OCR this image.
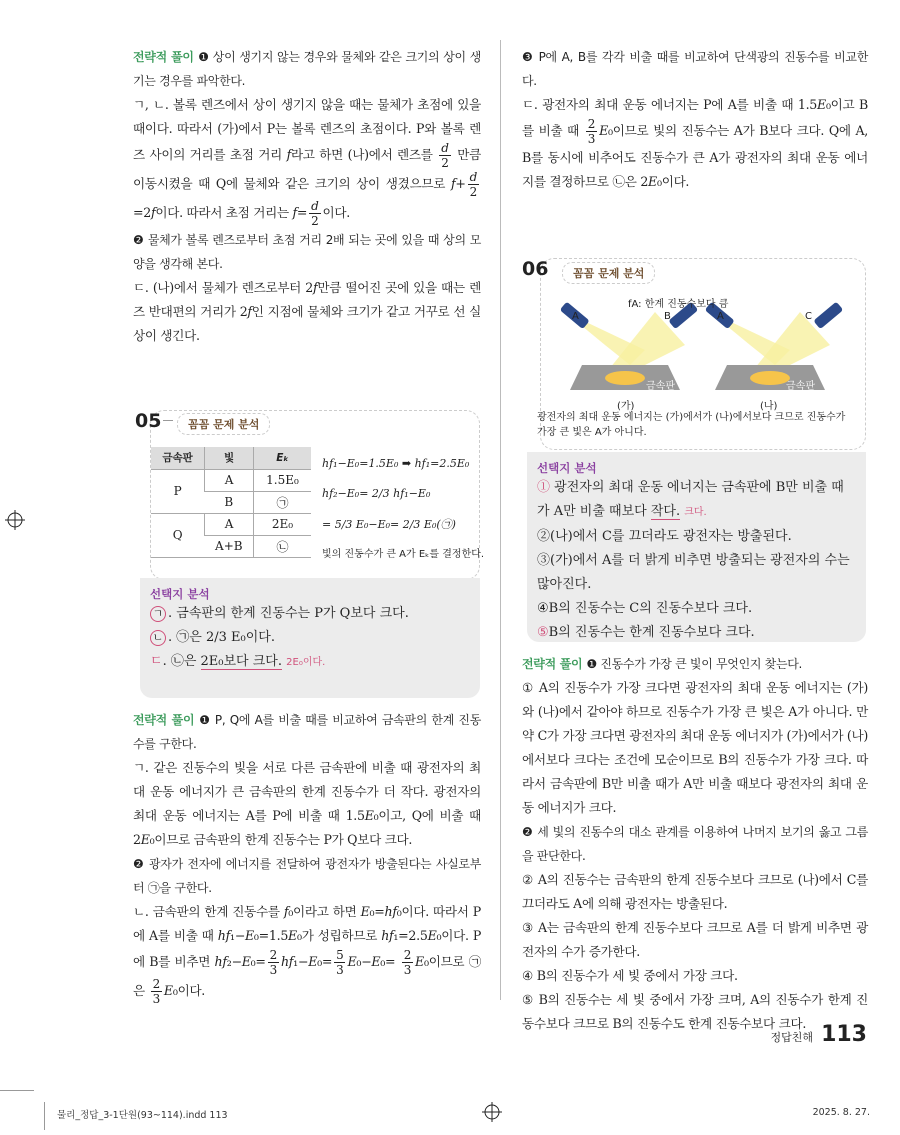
전략적 풀이 ❶ 상이 생기지 않는 경우와 물체와 같은 크기의 상이 생기는 경우를 파악한다.

ㄱ, ㄴ. 볼록 렌즈에서 상이 생기지 않을 때는 물체가 초점에 있을 때이다. 따라서 (가)에서 P는 볼록 렌즈의 초점이다. P와 볼록 렌즈 사이의 거리를 초점 거리 f라고 하면 (나)에서 렌즈를 $\frac{d}{2}$ 만큼 이동시켰을 때 Q에 물체와 같은 크기의 상이 생겼으므로 $f+ \frac{d}{2}$
=2f이다. 따라서 초점 거리는 $f= \frac{d}{2}$ 이다.

❷ 물체가 볼록 렌즈로부터 초점 거리 2배 되는 곳에 있을 때 상의 모양을 생각해 본다.

ㄷ. (나)에서 물체가 렌즈로부터 2f만큼 떨어진 곳에 있을 때는 렌즈 반대편의 거리가 2f인 지점에 물체와 크기가 같고 거꾸로 선 실상이 생긴다.

05	꼼꼼 문제 분석
금속판	빛	Eₖ
P	A	1.5E₀
	B	㉠
Q	A	2E₀
	A+B	㉡
hf₁−E₀=1.5E₀ ➡ hf₁=2.5E₀
hf₂−E₀= 2/3 hf₁−E₀
= 5/3 E₀−E₀= 2/3 E₀(㉠)
빛의 진동수가 큰 A가 Eₖ를 결정한다.
선택지 분석
ㄱ . 금속판의 한계 진동수는 P가 Q보다 크다.
ㄴ . ㉠은 2/3 E₀이다.
ㄷ. ㉡은 2E₀보다 크다. 2E₀이다.

전략적 풀이 ❶ P, Q에 A를 비출 때를 비교하여 금속판의 한계 진동수를 구한다.

ㄱ. 같은 진동수의 빛을 서로 다른 금속판에 비출 때 광전자의 최대 운동 에너지가 큰 금속판의 한계 진동수가 더 작다. 광전자의 최대 운동 에너지는 A를 P에 비출 때 1.5E₀이고, Q에 비출 때 2E₀이므로 금속판의 한계 진동수는 P가 Q보다 크다.

❷ 광자가 전자에 에너지를 전달하여 광전자가 방출된다는 사실로부터 ㉠을 구한다.

ㄴ. 금속판의 한계 진동수를 f₀이라고 하면 E₀=hf₀이다. 따라서 P에 A를 비출 때 hf₁−E₀=1.5E₀가 성립하므로 hf₁=2.5E₀이다. P에 B를 비추면 $hf_2-E_0= \frac{2}{3} hf_1-E_0= \frac{5}{3} E_0-E_0= \frac{2}{3} E_0$이므로 ㉠은 $\frac{2}{3} E_0$이다.

❸ P에 A, B를 각각 비출 때를 비교하여 단색광의 진동수를 비교한다.

ㄷ. 광전자의 최대 운동 에너지는 P에 A를 비출 때 1.5E₀이고 B를 비출 때 $\frac{2}{3} E_0$이므로 빛의 진동수는 A가 B보다 크다. Q에 A, B를 동시에 비추어도 진동수가 큰 A가 광전자의 최대 운동 에너지를 결정하므로 ㉡은 2E₀이다.

06	꼼꼼 문제 분석
fA: 한계 진동수보다 큼
A	B
금속판
(가)
A	C
금속판
(나)
광전자의 최대 운동 에너지는 (가)에서가 (나)에서보다 크므로 진동수가 가장 큰 빛은 A가 아니다.
선택지 분석
① 광전자의 최대 운동 에너지는 금속판에 B만 비출 때가 A만 비출 때보다 작다. 크다.
②(나)에서 C를 끄더라도 광전자는 방출된다.
③(가)에서 A를 더 밝게 비추면 방출되는 광전자의 수는 많아진다.
④B의 진동수는 C의 진동수보다 크다.
⑤B의 진동수는 한계 진동수보다 크다.

전략적 풀이 ❶ 진동수가 가장 큰 빛이 무엇인지 찾는다.

① A의 진동수가 가장 크다면 광전자의 최대 운동 에너지는 (가)와 (나)에서 같아야 하므로 진동수가 가장 큰 빛은 A가 아니다. 만약 C가 가장 크다면 광전자의 최대 운동 에너지가 (가)에서가 (나)에서보다 크다는 조건에 모순이므로 B의 진동수가 가장 크다. 따라서 금속판에 B만 비출 때가 A만 비출 때보다 광전자의 최대 운동 에너지가 크다.

❷ 세 빛의 진동수의 대소 관계를 이용하여 나머지 보기의 옳고 그름을 판단한다.

② A의 진동수는 금속판의 한계 진동수보다 크므로 (나)에서 C를 끄더라도 A에 의해 광전자는 방출된다.

③ A는 금속판의 한계 진동수보다 크므로 A를 더 밝게 비추면 광전자의 수가 증가한다.

④ B의 진동수가 세 빛 중에서 가장 크다.

⑤ B의 진동수는 세 빛 중에서 가장 크며, A의 진동수가 한계 진동수보다 크므로 B의 진동수도 한계 진동수보다 크다.

정답친해 113
물리_정답_3-1단원(93~114).indd 113	2025. 8. 27.
